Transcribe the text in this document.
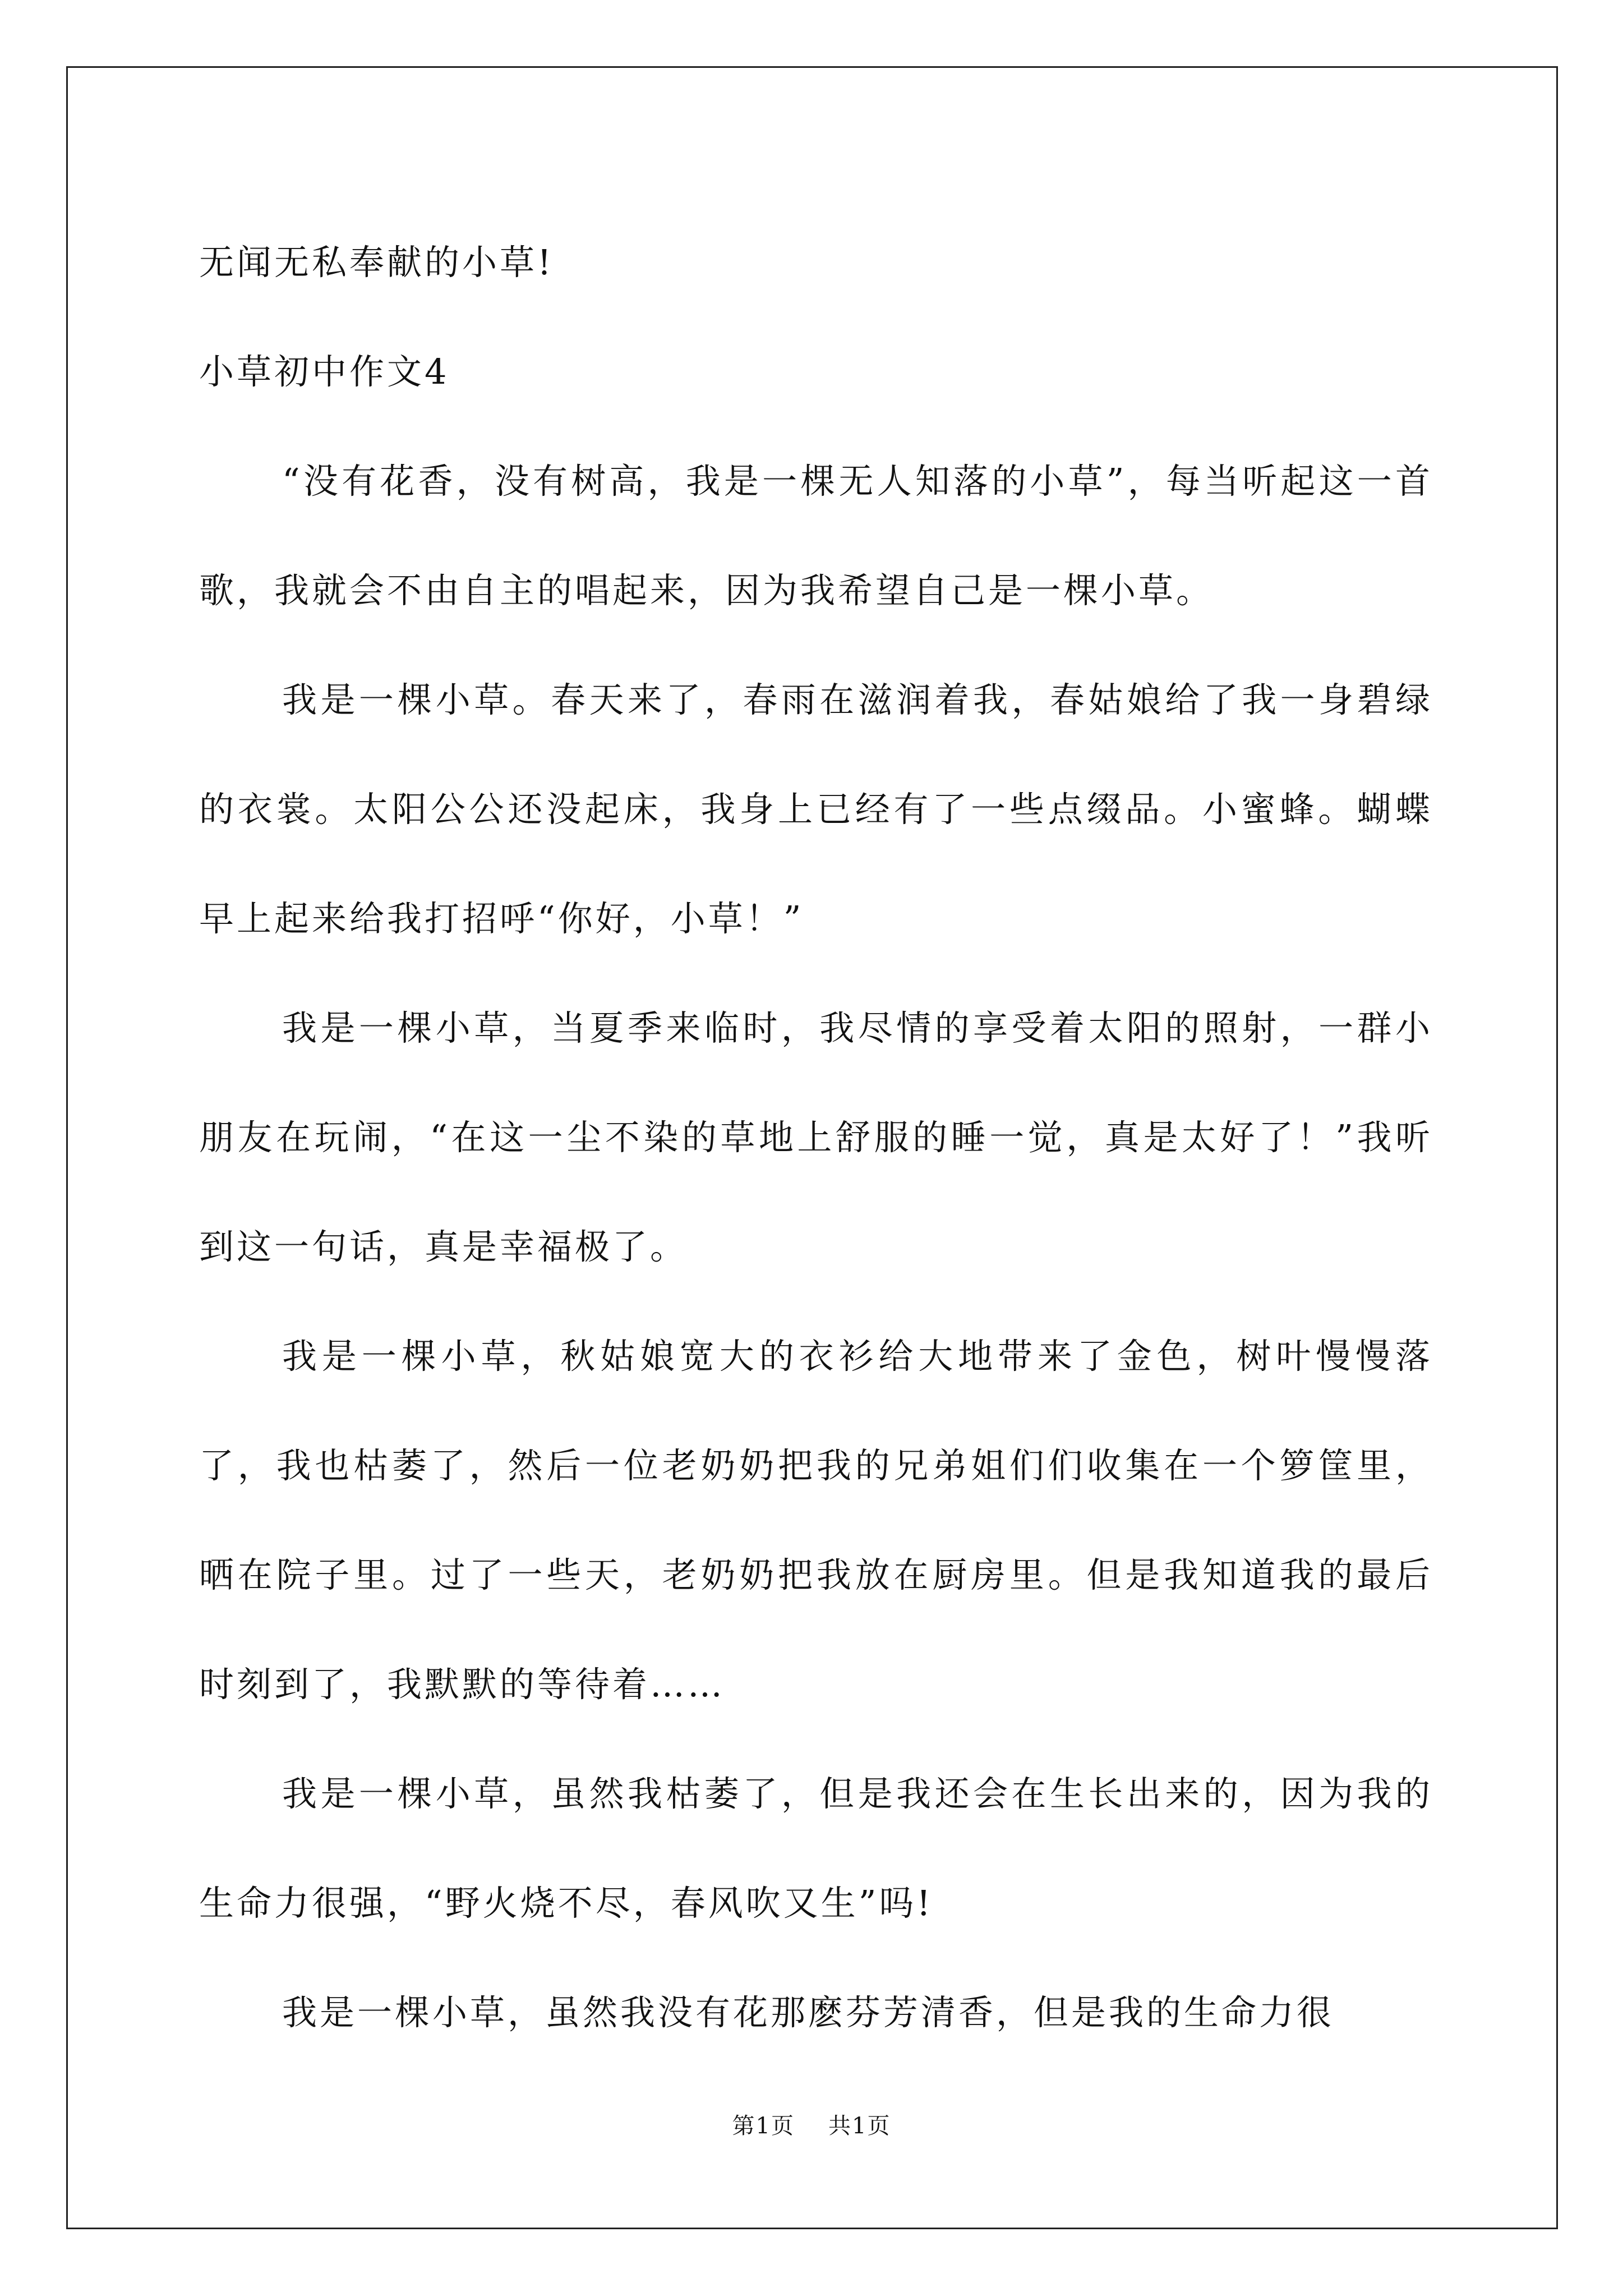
无闻无私奉献的小草!
小草初中作文4
“没有花香，没有树高，我是一棵无人知落的小草”，每当听起这一首歌，我就会不由自主的唱起来，因为我希望自己是一棵小草。
我是一棵小草。春天来了，春雨在滋润着我，春姑娘给了我一身碧绿的衣裳。太阳公公还没起床，我身上已经有了一些点缀品。小蜜蜂。蝴蝶早上起来给我打招呼“你好，小草！”
我是一棵小草，当夏季来临时，我尽情的享受着太阳的照射，一群小朋友在玩闹，“在这一尘不染的草地上舒服的睡一觉，真是太好了！”我听到这一句话，真是幸福极了。
我是一棵小草，秋姑娘宽大的衣衫给大地带来了金色，树叶慢慢落了，我也枯萎了，然后一位老奶奶把我的兄弟姐们们收集在一个箩筐里，晒在院子里。过了一些天，老奶奶把我放在厨房里。但是我知道我的最后时刻到了，我默默的等待着……
我是一棵小草，虽然我枯萎了，但是我还会在生长出来的，因为我的生命力很强，“野火烧不尽，春风吹又生”吗!
我是一棵小草，虽然我没有花那麽芬芳清香，但是我的生命力很
第1页 共1页
